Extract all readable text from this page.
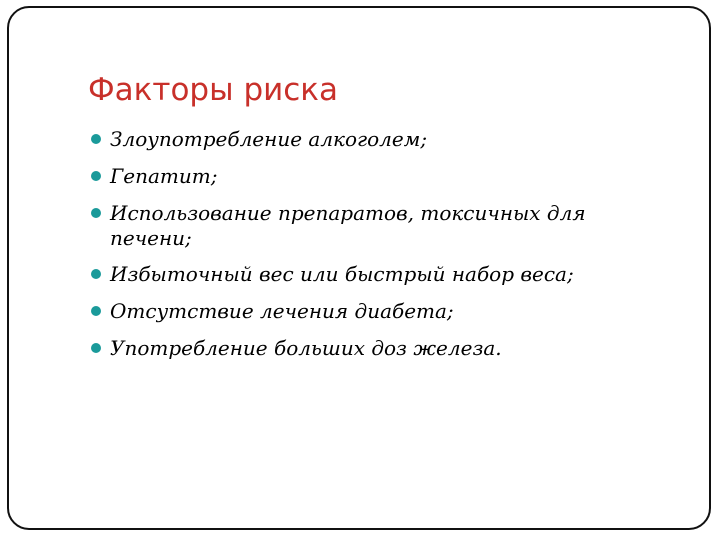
Факторы риска
Злоупотребление алкоголем;
Гепатит;
Использование препаратов, токсичных для печени;
Избыточный вес или быстрый набор веса;
Отсутствие лечения диабета;
Употребление больших доз железа.
